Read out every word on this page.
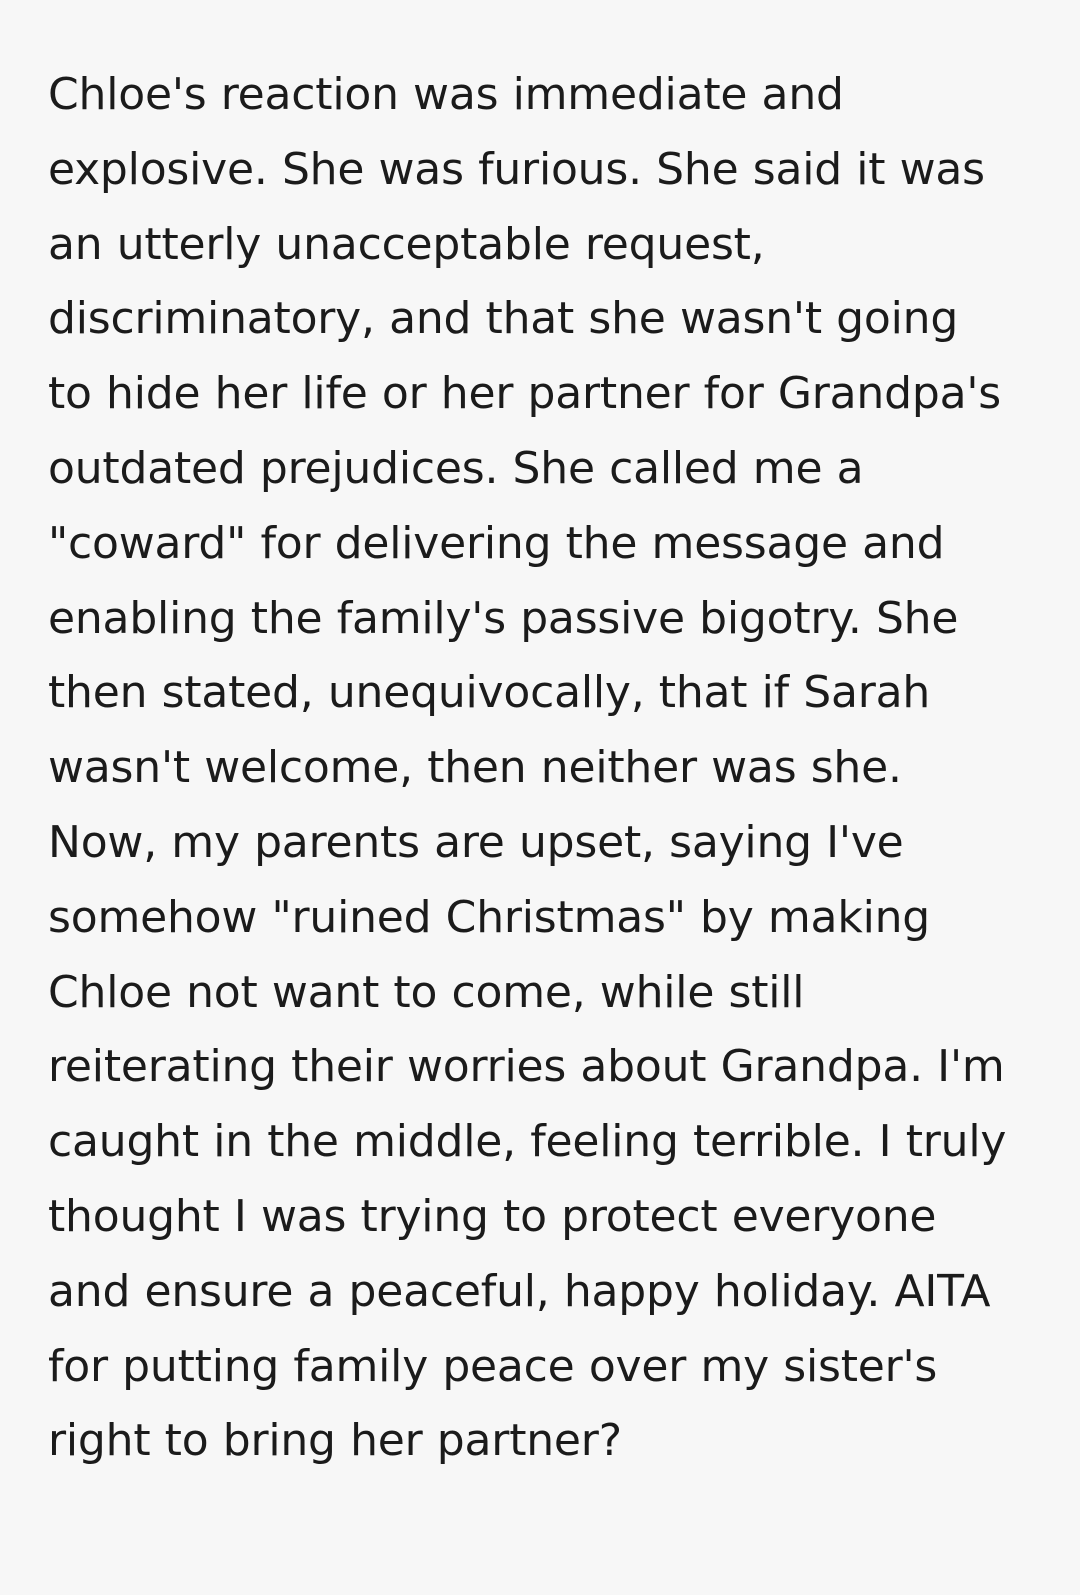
Chloe's reaction was immediate and explosive. She was furious. She said it was an utterly unacceptable request, discriminatory, and that she wasn't going to hide her life or her partner for Grandpa's outdated prejudices. She called me a "coward" for delivering the message and enabling the family's passive bigotry. She then stated, unequivocally, that if Sarah wasn't welcome, then neither was she. Now, my parents are upset, saying I've somehow "ruined Christmas" by making Chloe not want to come, while still reiterating their worries about Grandpa. I'm caught in the middle, feeling terrible. I truly thought I was trying to protect everyone and ensure a peaceful, happy holiday. AITA for putting family peace over my sister's right to bring her partner?
